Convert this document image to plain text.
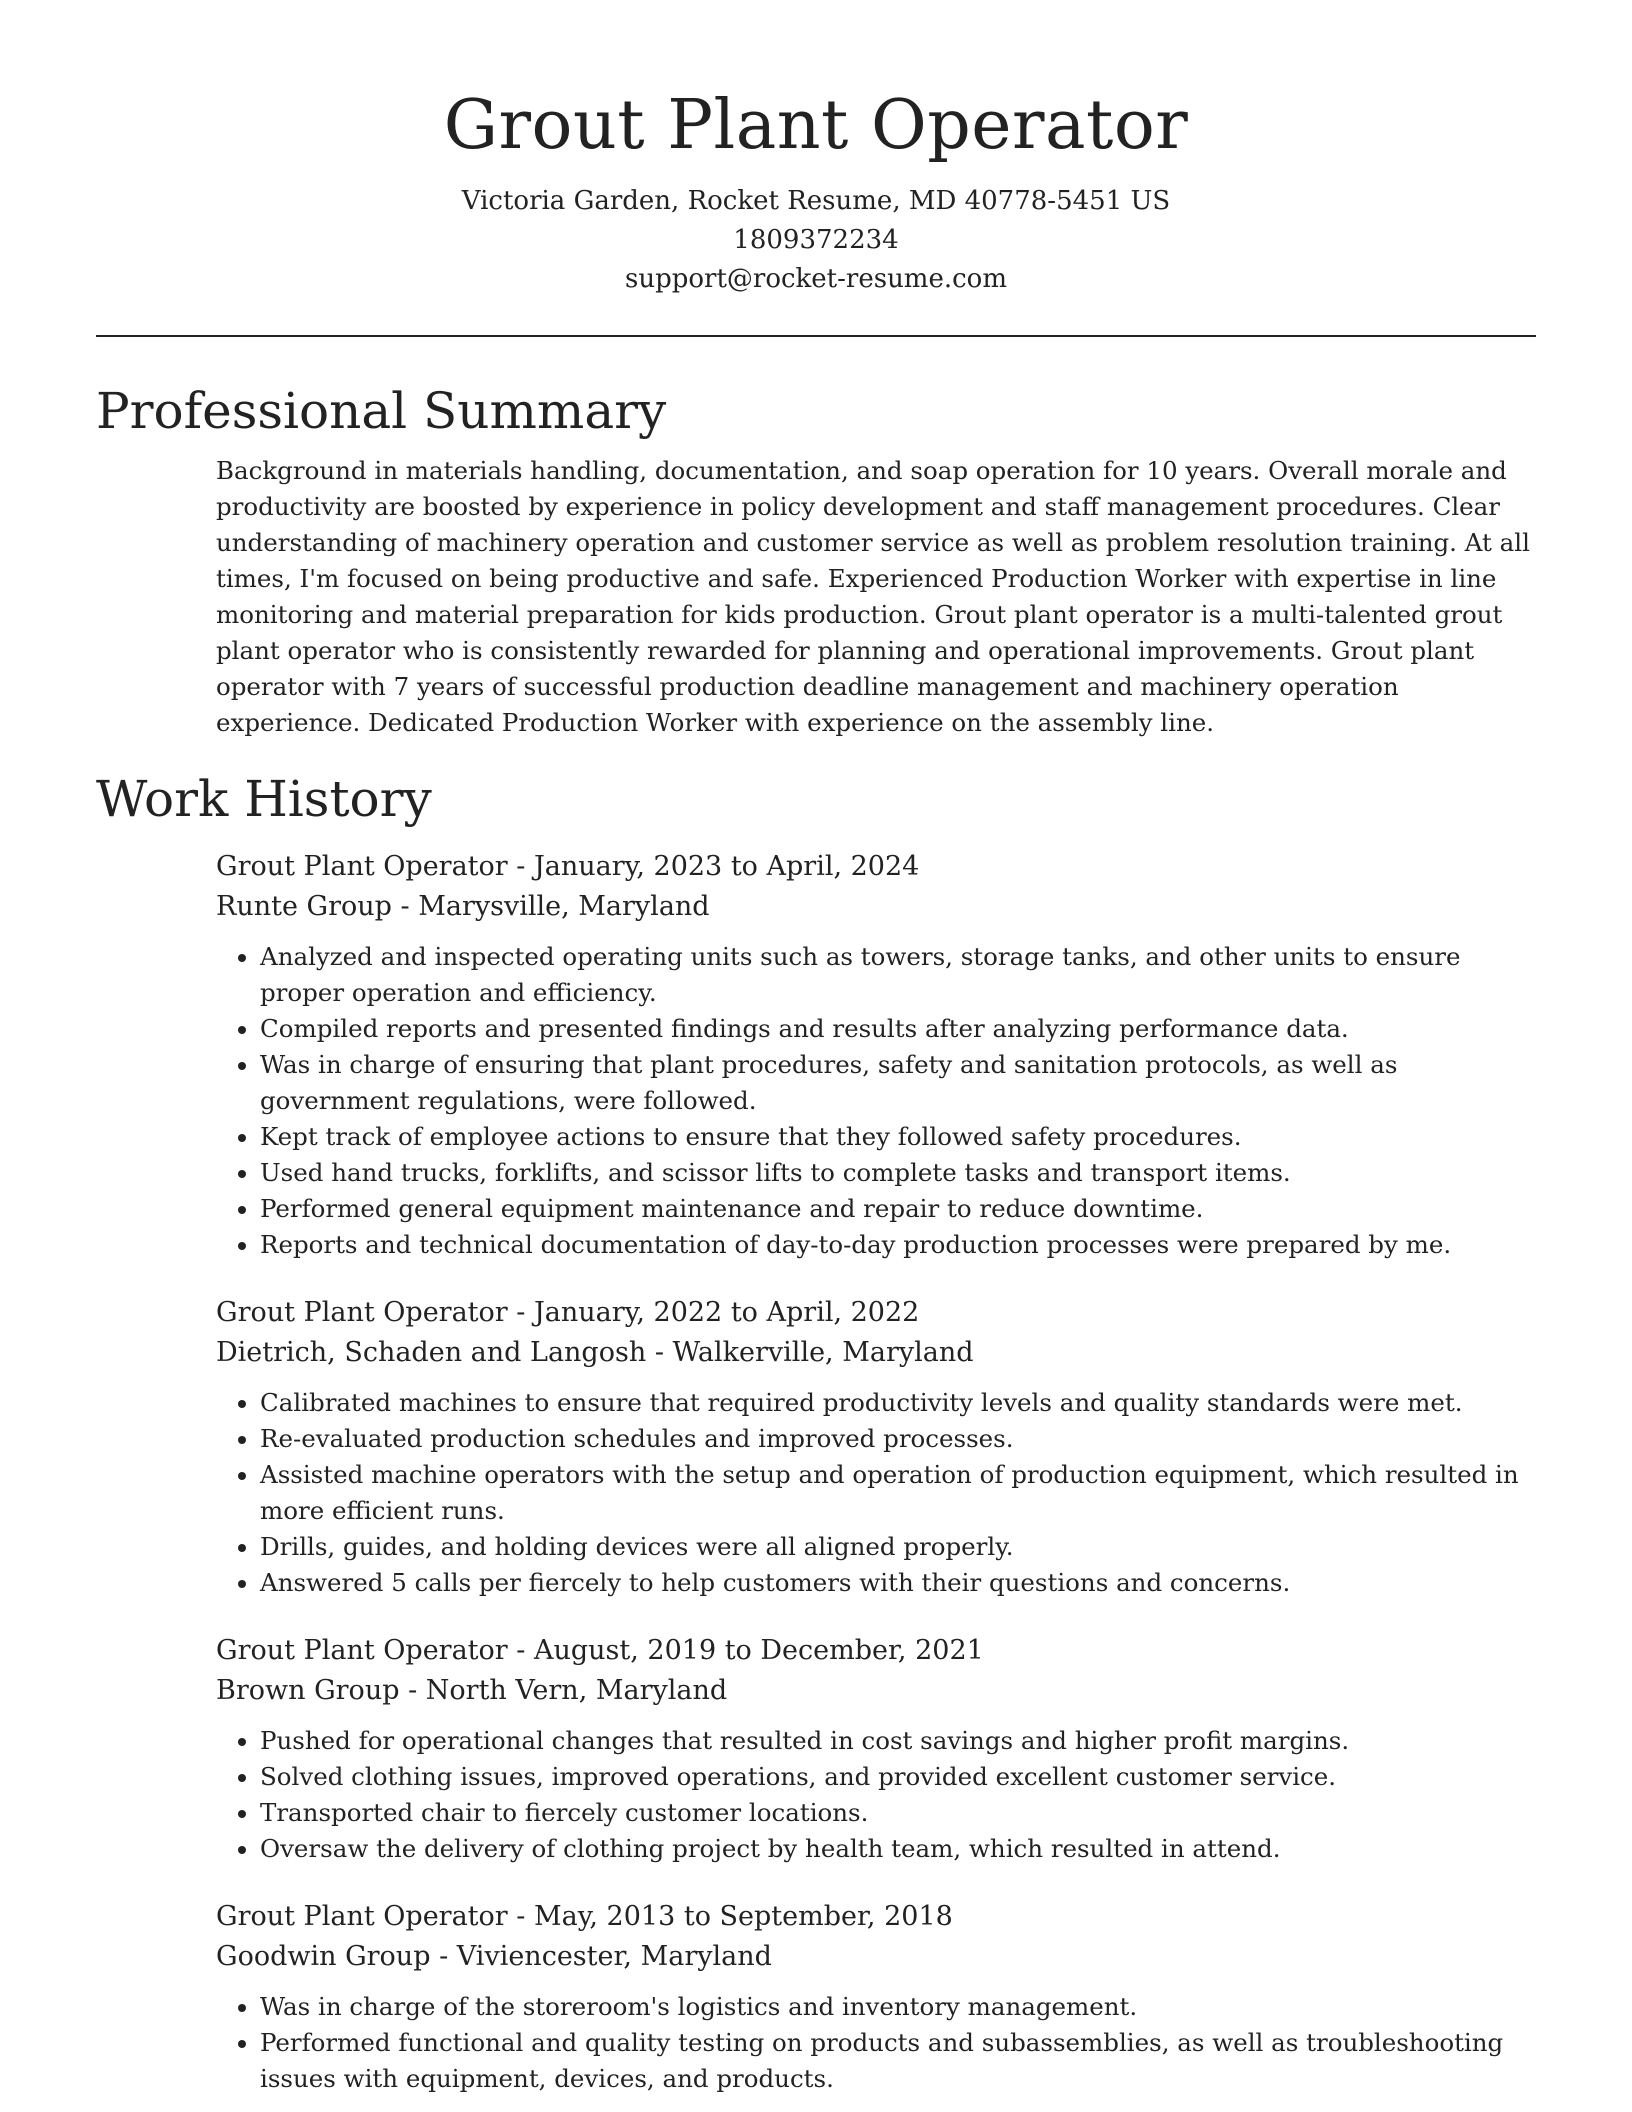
Grout Plant Operator
Victoria Garden, Rocket Resume, MD 40778-5451 US
1809372234
support@rocket-resume.com
Professional Summary

Background in materials handling, documentation, and soap operation for 10 years. Overall morale and productivity are boosted by experience in policy development and staff management procedures. Clear understanding of machinery operation and customer service as well as problem resolution training. At all times, I'm focused on being productive and safe. Experienced Production Worker with expertise in line monitoring and material preparation for kids production. Grout plant operator is a multi-talented grout plant operator who is consistently rewarded for planning and operational improvements. Grout plant operator with 7 years of successful production deadline management and machinery operation experience. Dedicated Production Worker with experience on the assembly line.

Work History
Grout Plant Operator - January, 2023 to April, 2024
Runte Group - Marysville, Maryland
• Analyzed and inspected operating units such as towers, storage tanks, and other units to ensure proper operation and efficiency.
• Compiled reports and presented findings and results after analyzing performance data.
• Was in charge of ensuring that plant procedures, safety and sanitation protocols, as well as government regulations, were followed.
• Kept track of employee actions to ensure that they followed safety procedures.
• Used hand trucks, forklifts, and scissor lifts to complete tasks and transport items.
• Performed general equipment maintenance and repair to reduce downtime.
• Reports and technical documentation of day-to-day production processes were prepared by me.
Grout Plant Operator - January, 2022 to April, 2022
Dietrich, Schaden and Langosh - Walkerville, Maryland
• Calibrated machines to ensure that required productivity levels and quality standards were met.
• Re-evaluated production schedules and improved processes.
• Assisted machine operators with the setup and operation of production equipment, which resulted in more efficient runs.
• Drills, guides, and holding devices were all aligned properly.
• Answered 5 calls per fiercely to help customers with their questions and concerns.
Grout Plant Operator - August, 2019 to December, 2021
Brown Group - North Vern, Maryland
• Pushed for operational changes that resulted in cost savings and higher profit margins.
• Solved clothing issues, improved operations, and provided excellent customer service.
• Transported chair to fiercely customer locations.
• Oversaw the delivery of clothing project by health team, which resulted in attend.
Grout Plant Operator - May, 2013 to September, 2018
Goodwin Group - Viviencester, Maryland
• Was in charge of the storeroom's logistics and inventory management.
• Performed functional and quality testing on products and subassemblies, as well as troubleshooting issues with equipment, devices, and products.
